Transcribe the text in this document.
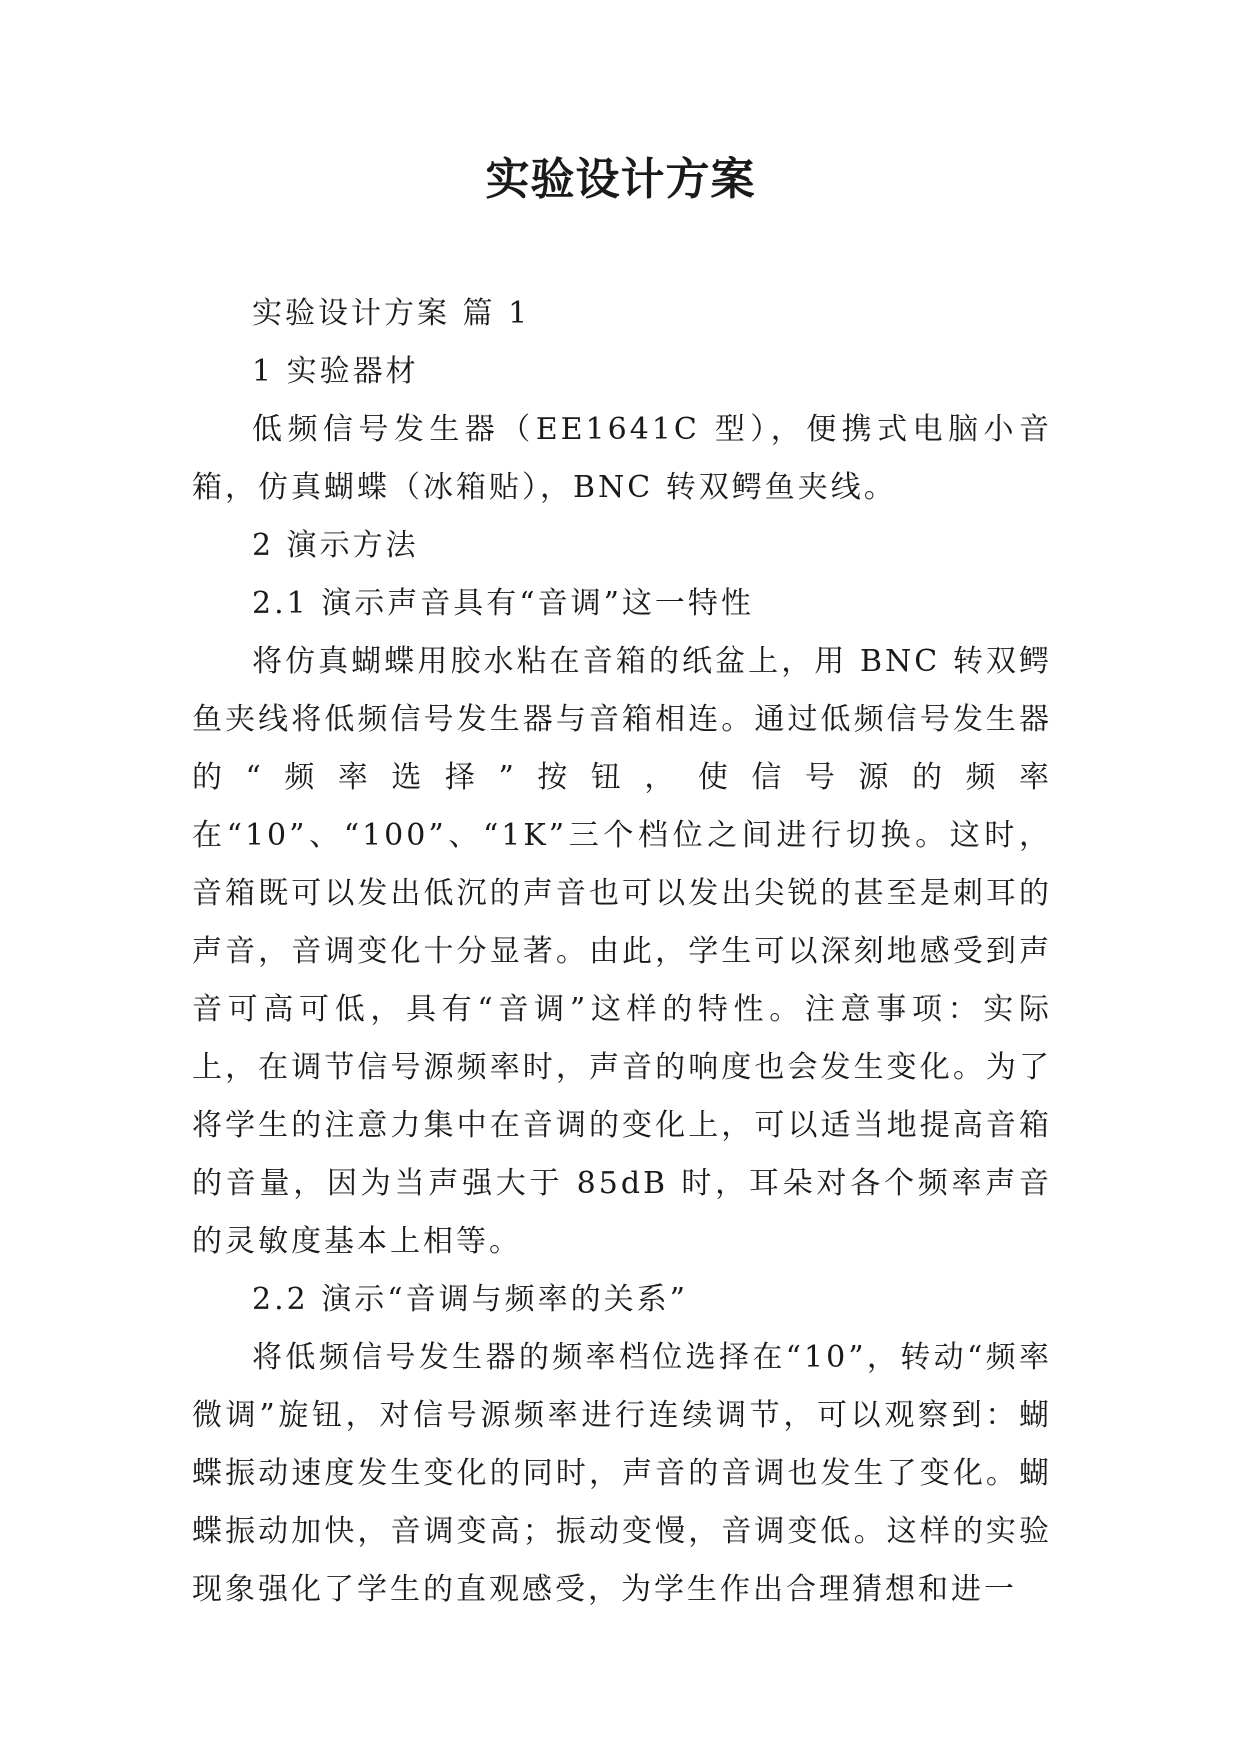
实验设计方案

实验设计方案 篇 1

1 实验器材

低频信号发生器（EE1641C 型），便携式电脑小音箱，仿真蝴蝶（冰箱贴），BNC 转双鳄鱼夹线。

2 演示方法

2.1 演示声音具有“音调”这一特性

将仿真蝴蝶用胶水粘在音箱的纸盆上，用 BNC 转双鳄鱼夹线将低频信号发生器与音箱相连。通过低频信号发生器的“频率选择”按钮，使信号源的频率在“10”、“100”、“1K”三个档位之间进行切换。这时，音箱既可以发出低沉的声音也可以发出尖锐的甚至是刺耳的声音，音调变化十分显著。由此，学生可以深刻地感受到声音可高可低，具有“音调”这样的特性。注意事项：实际上，在调节信号源频率时，声音的响度也会发生变化。为了将学生的注意力集中在音调的变化上，可以适当地提高音箱的音量，因为当声强大于 85dB 时，耳朵对各个频率声音的灵敏度基本上相等。

2.2 演示“音调与频率的关系”

将低频信号发生器的频率档位选择在“10”，转动“频率微调”旋钮，对信号源频率进行连续调节，可以观察到：蝴蝶振动速度发生变化的同时，声音的音调也发生了变化。蝴蝶振动加快，音调变高；振动变慢，音调变低。这样的实验现象强化了学生的直观感受，为学生作出合理猜想和进一
